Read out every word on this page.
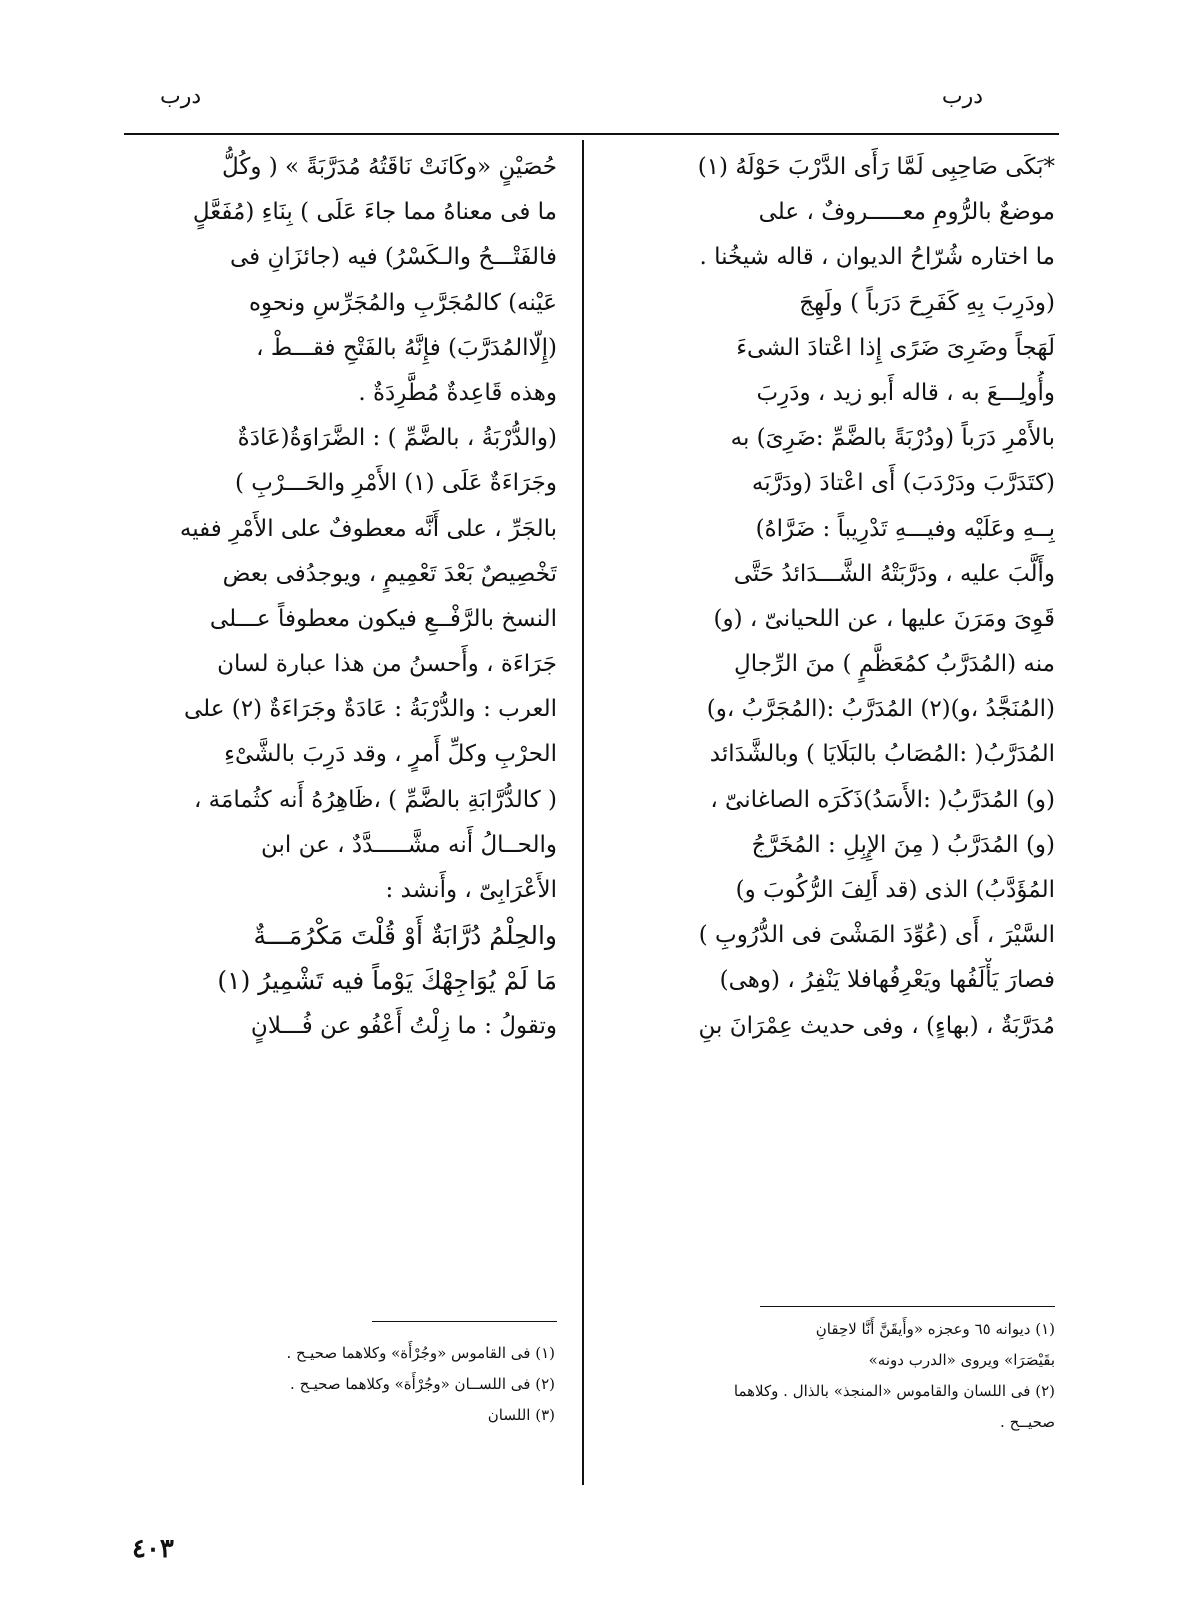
درب	درب
*بَكَى صَاحِبِى لَمَّا رَأَى الدَّرْبَ حَوْلَهُ (١)
موضعٌ بالرُّومِ معـــــروفٌ ، على
ما اختاره شُرّاحُ الديوان ، قاله شيخُنا .
(ودَرِبَ بِهِ كَفَرِحَ دَرَباً ) ولَهِجَ
لَهَجاً وضَرِىَ ضَرًى إِذا اعْتادَ الشىءَ
وأُولِـــعَ به ، قاله أَبو زيد ، ودَرِبَ
بالأَمْرِ دَرَباً (ودُرْبَةً بالضَّمِّ :ضَرِىَ) به
(كتَدَرَّبَ ودَرْدَبَ) أَى اعْتادَ (ودَرَّبَه
بِــهِ وعَلَيْه وفيـــهِ تَدْرِيباً : ضَرَّاهُ)
وأَلَّبَ عليه ، ودَرَّبَتْهُ الشَّـــدَائدُ حَتَّى
قَوِىَ ومَرَنَ عليها ، عن اللحيانىّ ، (و)
منه (المُدَرَّبُ كمُعَظَّمٍ ) منَ الرِّجالِ
(المُنَجَّدُ ،و)(٢) المُدَرَّبُ :(المُجَرَّبُ ،و)
المُدَرَّبُ( :المُصَابُ بالبَلَايَا ) وبالشَّدَائد
(و) المُدَرَّبُ( :الأَسَدُ)ذَكَرَه الصاغانىّ ،
(و) المُدَرَّبُ ( مِنَ الإِبِلِ : المُخَرَّجُ
المُؤَدَّبُ) الذى (قد أَلِفَ الرُّكُوبَ و)
السَّيْرَ ، أَى (عُوِّدَ المَشْىَ فى الدُّرُوبِ )
فصارَ يَأْلَفُها ويَعْرِفُهافلا يَنْفِرُ ، (وهى)
مُدَرَّبَةٌ ، (بهاءٍ) ، وفى حديث عِمْرَانَ بنِ
حُصَيْنٍ «وكَانَتْ نَاقَتُهُ مُدَرَّبَةً » ( وكُلُّ
ما فى معناهُ مما جاءَ عَلَى ) بِنَاءِ (مُفَعَّلٍ
فالفَتْـــحُ والـكَسْرُ) فيه (جائزَانِ فى
عَيْنه) كالمُجَرَّبِ والمُجَرِّسِ ونحوِه
(إِلّاالمُدَرَّبَ) فإِنَّهُ بالفَتْحِ فقـــطْ ،
وهذه قَاعِدةٌ مُطَّرِدَةٌ .
(والدُّرْبَةُ ، بالضَّمِّ ) : الضَّرَاوَةُ(عَادَةٌ
وجَرَاءَةٌ عَلَى (١) الأَمْرِ والحَـــرْبِ )
بالجَرِّ ، على أَنَّه معطوفٌ على الأَمْرِ ففيه
تَخْصِيصٌ بَعْدَ تَعْمِيمٍ ، ويوجدُفى بعض
النسخ بالرَّفْــعِ فيكون معطوفاً عـــلى
جَرَاءَة ، وأَحسنُ من هذا عبارة لسان
العرب : والدُّرْبَةُ : عَادَةٌ وجَرَاءَةٌ (٢) على
الحرْبِ وكلِّ أَمرٍ ، وقد دَرِبَ بالشَّىْءِ
( كالدُّرَّابَةِ بالضَّمِّ ) ،ظَاهِرُهُ أَنه كثُمامَة ،
والحــالُ أَنه مشَّـــــدَّدٌ ، عن ابن
الأَعْرَابِىّ ، وأَنشد :
والحِلْمُ دُرَّابَةٌ أَوْ قُلْتَ مَكْرُمَـــةٌ
مَا لَمْ يُوَاجِهْكَ يَوْماً فيه تَشْمِيرُ (١)
وتقولُ : ما زِلْتُ أَعْفُو عن فُـــلانٍ
(١) ديوانه ٦٥ وعجزه «وأَيقَنَّ أَنَّا لاحِقانِ
بقَيْصَرَا» ويروى «الدرب دونه»
(٢) فى اللسان والقاموس «المنجذ» بالذال . وكلاهما
صحيــح .
(١) فى القاموس «وجُرْأَة» وكلاهما صحيـح .
(٢) فى اللســان «وجُرْأَة» وكلاهما صحيـح .
(٣) اللسان
٤٠٣
